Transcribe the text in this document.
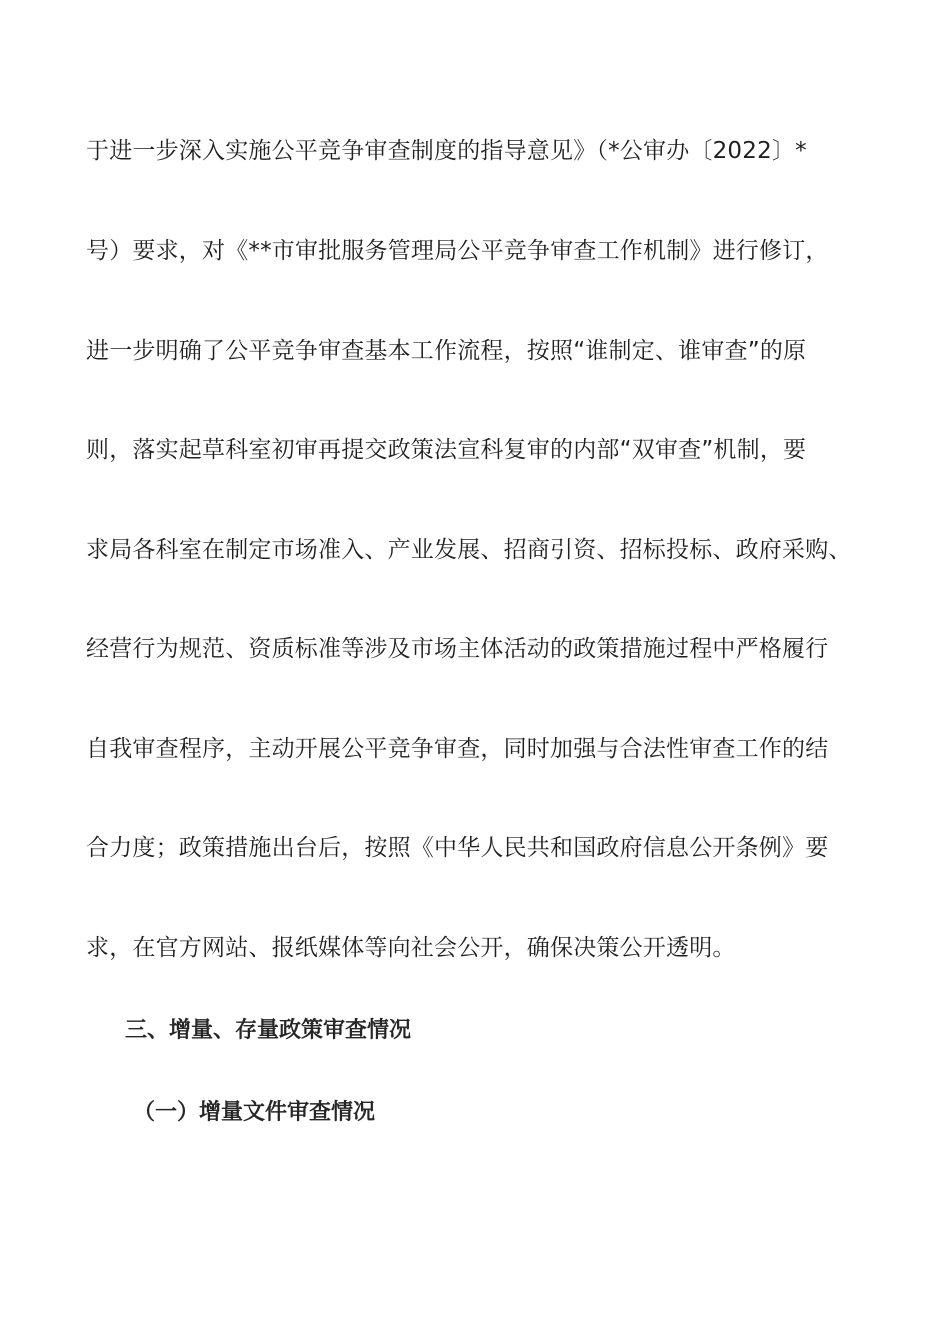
于进一步深入实施公平竞争审查制度的指导意见》（*公审办〔2022〕*
号）要求，对《**市审批服务管理局公平竞争审查工作机制》进行修订，
进一步明确了公平竞争审查基本工作流程，按照“谁制定、谁审查”的原
则，落实起草科室初审再提交政策法宣科复审的内部“双审查”机制，要
求局各科室在制定市场准入、产业发展、招商引资、招标投标、政府采购、
经营行为规范、资质标准等涉及市场主体活动的政策措施过程中严格履行
自我审查程序，主动开展公平竞争审查，同时加强与合法性审查工作的结
合力度；政策措施出台后，按照《中华人民共和国政府信息公开条例》要
求，在官方网站、报纸媒体等向社会公开，确保决策公开透明。
三、增量、存量政策审查情况
（一）增量文件审查情况
